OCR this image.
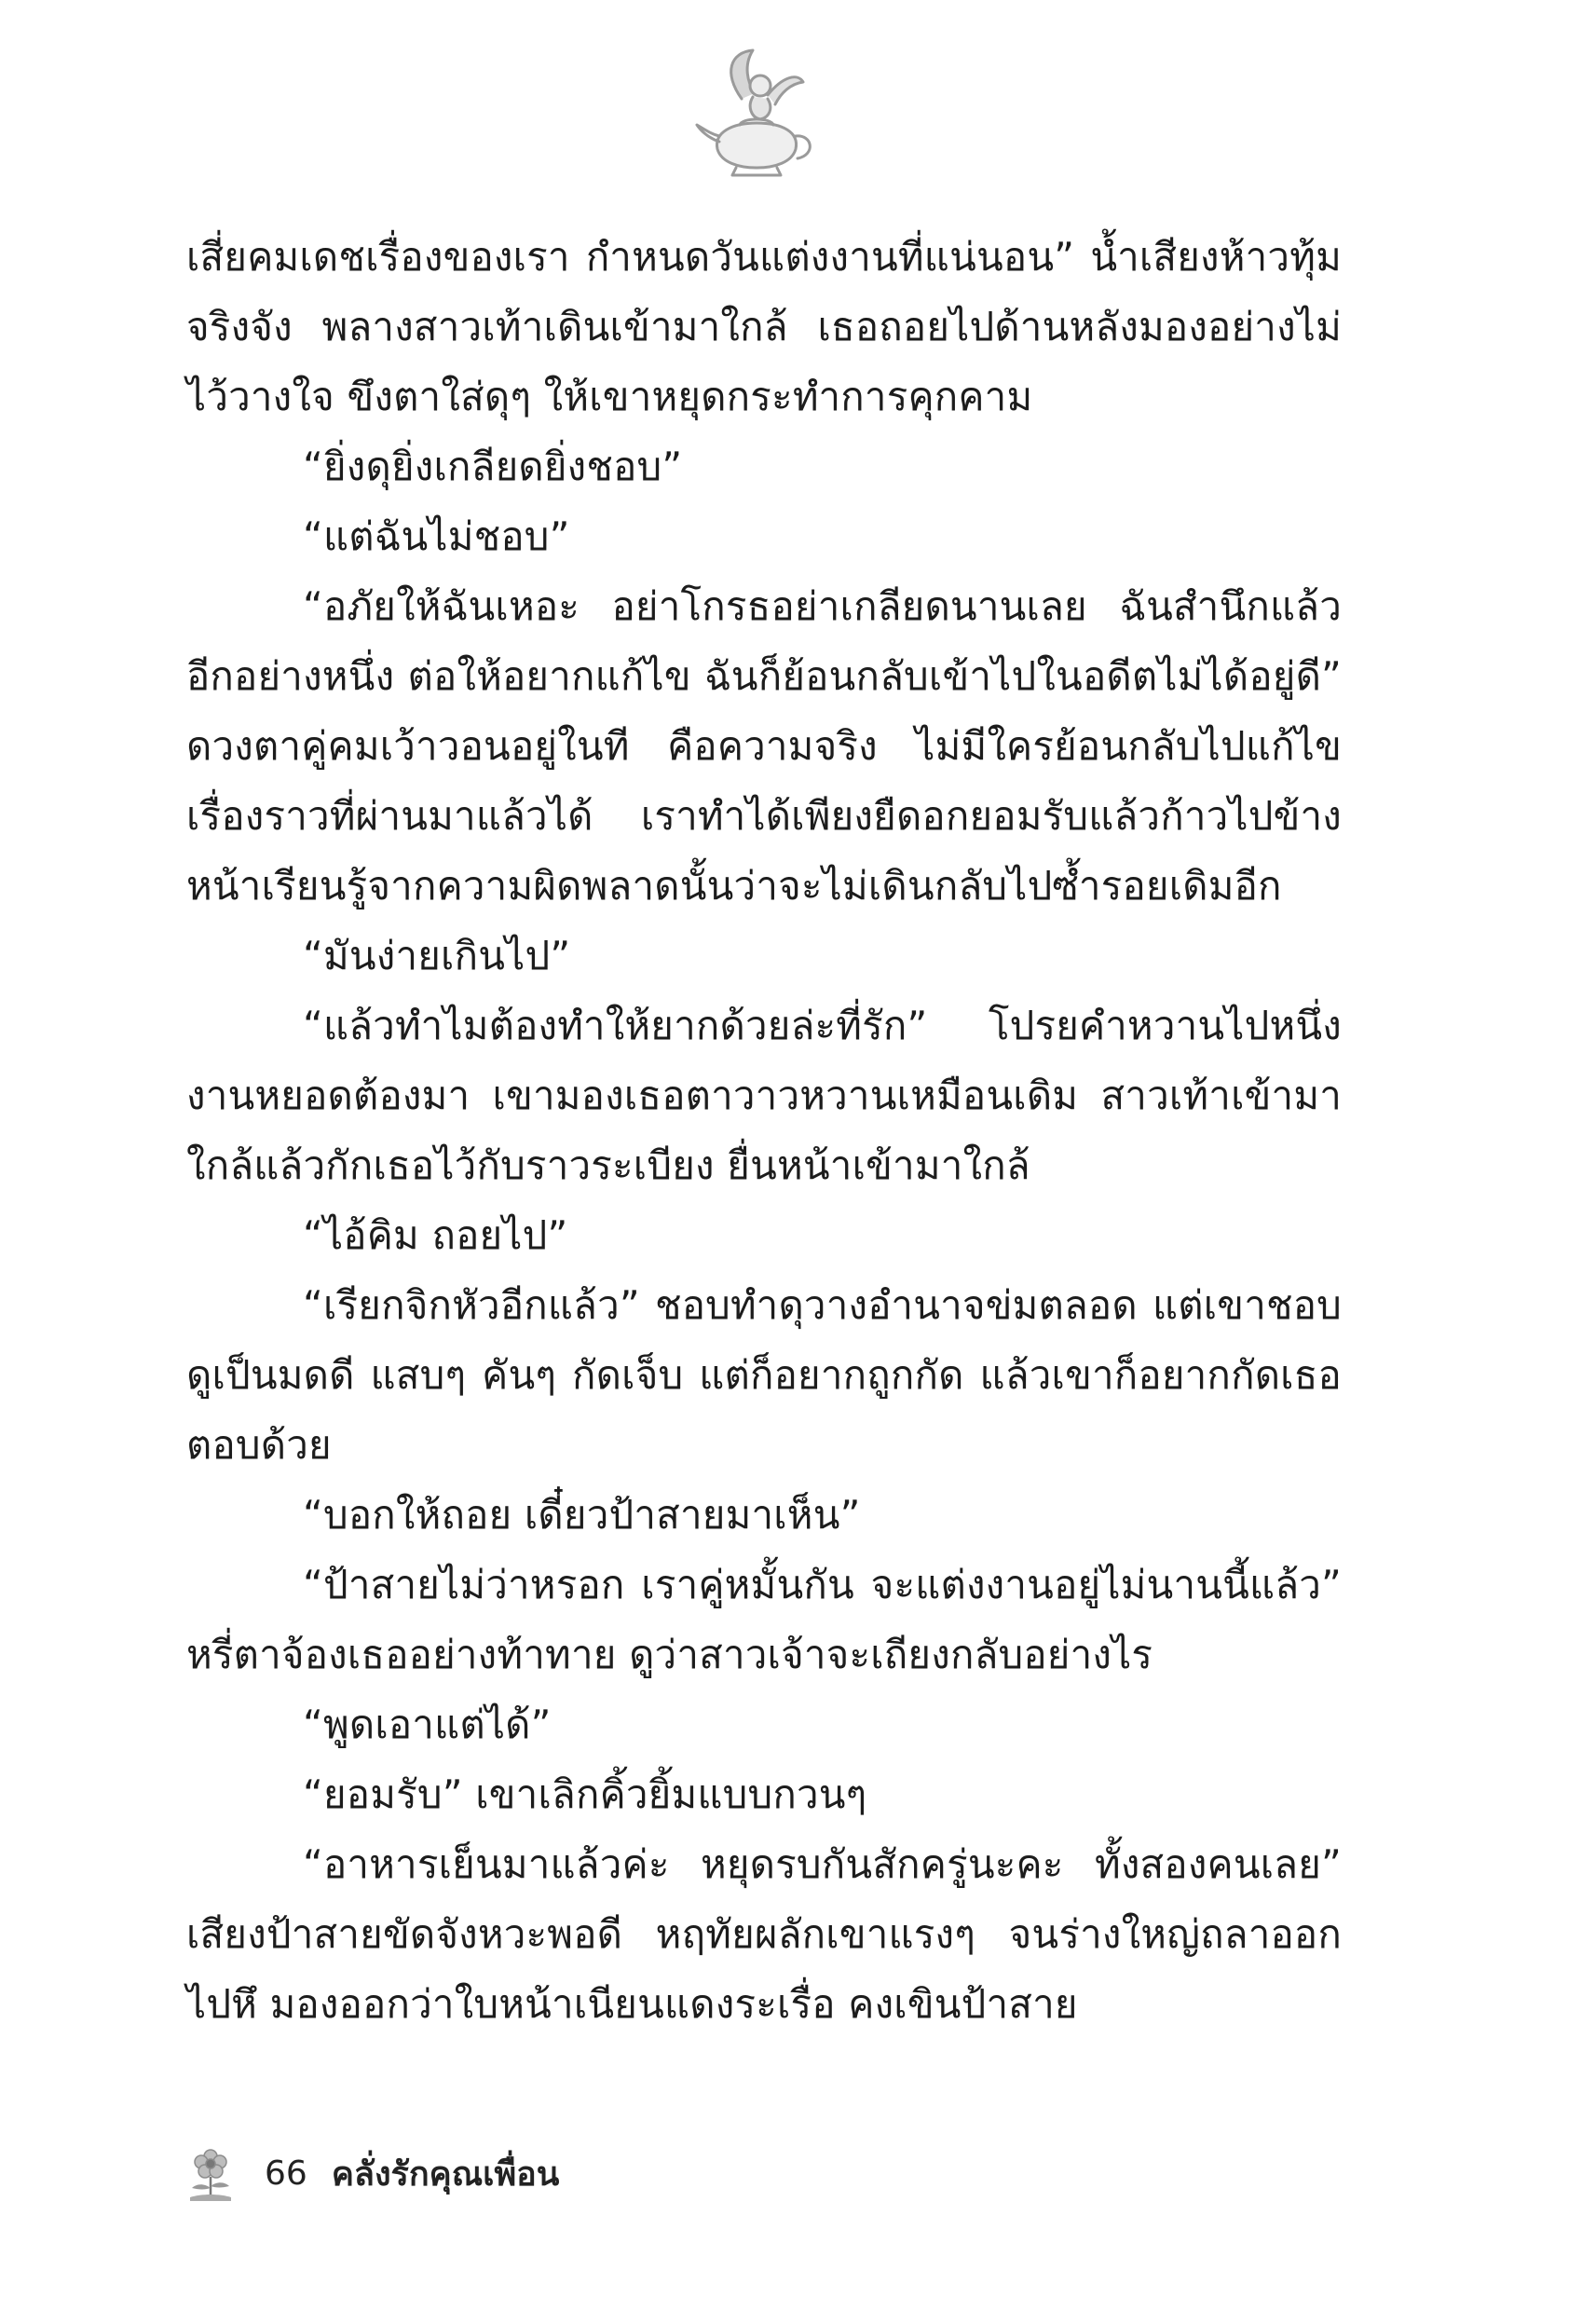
เสี่ยคมเดชเรื่องของเรา กำหนดวันแต่งงานที่แน่นอน” น้ำเสียงห้าวทุ้มจริงจัง พลางสาวเท้าเดินเข้ามาใกล้ เธอถอยไปด้านหลังมองอย่างไม่ไว้วางใจ ขึงตาใส่ดุๆ ให้เขาหยุดกระทำการคุกคาม

“ยิ่งดุยิ่งเกลียดยิ่งชอบ”

“แต่ฉันไม่ชอบ”

“อภัยให้ฉันเหอะ อย่าโกรธอย่าเกลียดนานเลย ฉันสำนึกแล้วอีกอย่างหนึ่ง ต่อให้อยากแก้ไข ฉันก็ย้อนกลับเข้าไปในอดีตไม่ได้อยู่ดี” ดวงตาคู่คมเว้าวอนอยู่ในที คือความจริง ไม่มีใครย้อนกลับไปแก้ไขเรื่องราวที่ผ่านมาแล้วได้ เราทำได้เพียงยืดอกยอมรับแล้วก้าวไปข้างหน้าเรียนรู้จากความผิดพลาดนั้นว่าจะไม่เดินกลับไปซ้ำรอยเดิมอีก

“มันง่ายเกินไป”

“แล้วทำไมต้องทำให้ยากด้วยล่ะที่รัก” โปรยคำหวานไปหนึ่งงานหยอดต้องมา เขามองเธอตาวาวหวานเหมือนเดิม สาวเท้าเข้ามาใกล้แล้วกักเธอไว้กับราวระเบียง ยื่นหน้าเข้ามาใกล้

“ไอ้คิม ถอยไป”

“เรียกจิกหัวอีกแล้ว” ชอบทำดุวางอำนาจข่มตลอด แต่เขาชอบดูเป็นมดดี แสบๆ คันๆ กัดเจ็บ แต่ก็อยากถูกกัด แล้วเขาก็อยากกัดเธอตอบด้วย

“บอกให้ถอย เดี๋ยวป้าสายมาเห็น”

“ป้าสายไม่ว่าหรอก เราคู่หมั้นกัน จะแต่งงานอยู่ไม่นานนี้แล้ว” หรี่ตาจ้องเธออย่างท้าทาย ดูว่าสาวเจ้าจะเถียงกลับอย่างไร

“พูดเอาแต่ได้”

“ยอมรับ” เขาเลิกคิ้วยิ้มแบบกวนๆ

“อาหารเย็นมาแล้วค่ะ หยุดรบกันสักครู่นะคะ ทั้งสองคนเลย” เสียงป้าสายขัดจังหวะพอดี หฤทัยผลักเขาแรงๆ จนร่างใหญ่ถลาออกไปหึ มองออกว่าใบหน้าเนียนแดงระเรื่อ คงเขินป้าสาย

66 คลั่งรักคุณเพื่อน
